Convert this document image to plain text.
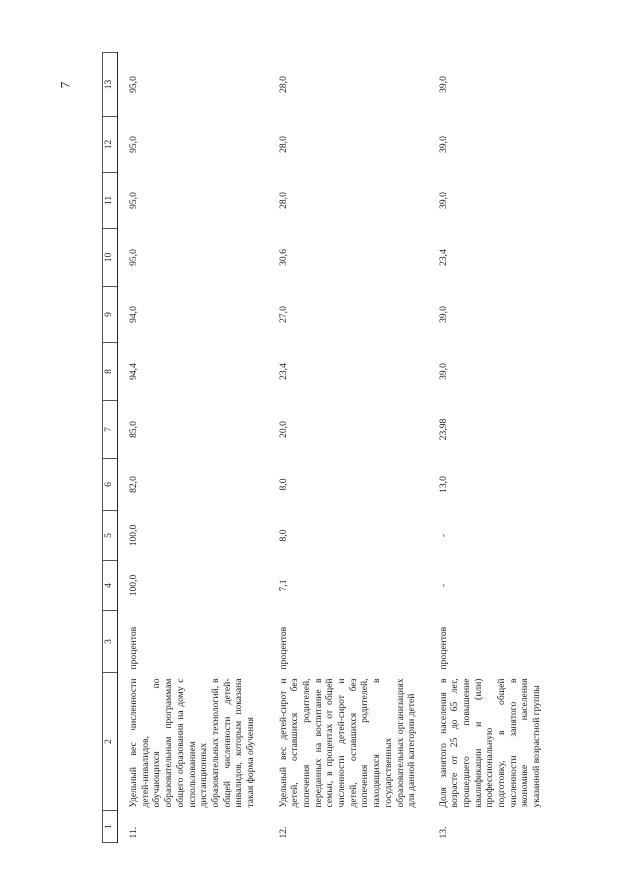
7
1	2	3	4	5	6	7	8	9	10	11	12	13
11.	Удельный вес численности детей-инвалидов, обучающихся по образовательным программам общего образования на дому с использованием дистанционных образовательных технологий, в общей численности детей-инвалидов, которым показана такая форма обучения	процентов	100,0	100,0	82,0	85,0	94,4	94,0	95,0	95,0	95,0	95,0
12.	Удельный вес детей-сирот и детей, оставшихся без попечения родителей, переданных на воспитание в семьи, в процентах от общей численности детей-сирот и детей, оставшихся без попечения родителей, находящихся в государственных образовательных организациях для данной категории детей	процентов	7,1	8,0	8,0	20,0	23,4	27,0	30,6	28,0	28,0	28,0
13.	Доля занятого населения в возрасте от 25 до 65 лет, прошедшего повышение квалификации и (или) профессиональную подготовку, в общей численности занятого в экономике населения указанной возрастной группы	процентов	-	-	13,0	23,98	39,0	39,0	23,4	39,0	39,0	39,0
